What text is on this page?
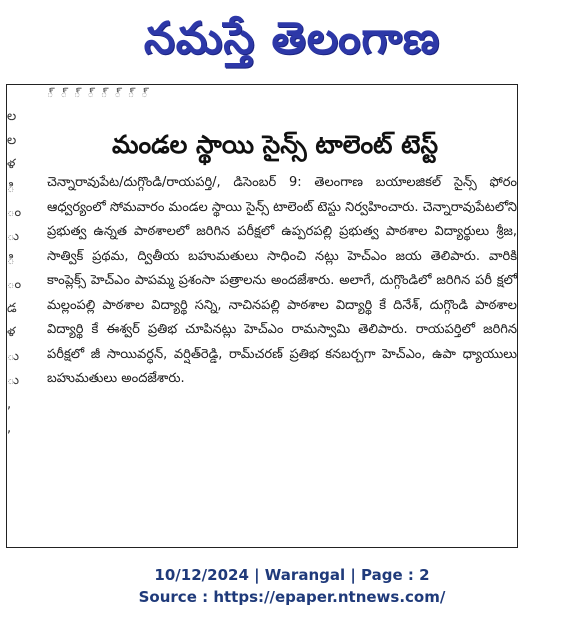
నమస్తే తెలంగాణ
్ ్ ్ ్ ్ ్ ్ ్
ల
ల
ళ
ి
ం
ు
ి
ం
డ
ళ
ు
ు
,
,
మండల స్థాయి సైన్స్ టాలెంట్ టెస్ట్
చెన్నారావుపేట/దుగ్గొండి/రాయపర్తి/, డిసెంబర్ 9: తెలంగాణ బయాలజికల్ సైన్స్ ఫోరం ఆధ్వర్యంలో సోమవారం మండల స్థాయి సైన్స్ టాలెంట్ టెస్టు నిర్వహించారు. చెన్నారావుపేటలోని ప్రభుత్వ ఉన్నత పాఠశాలలో జరిగిన పరీక్షలో ఉప్పరపల్లి ప్రభుత్వ పాఠశాల విద్యార్థులు శ్రీజ, సాత్విక్ ప్రథమ, ద్వితీయ బహుమతులు సాధించి నట్లు హెచ్ఎం జయ తెలిపారు. వారికి కాంప్లెక్స్ హెచ్ఎం పాపమ్మ ప్రశంసా పత్రాలను అందజేశారు. అలాగే, దుగ్గొండిలో జరిగిన పరీ క్షలో మల్లంపల్లి పాఠశాల విద్యార్థి సన్ని, నాచినపల్లి పాఠశాల విద్యార్థి కే దినేశ్, దుగ్గొండి పాఠశాల విద్యార్థి కే ఈశ్వర్ ప్రతిభ చూపినట్లు హెచ్ఎం రామస్వామి తెలిపారు. రాయపర్తిలో జరిగిన పరీక్షలో జీ సాయివర్ధన్, వర్షిత్‌రెడ్డి, రామ్‌చరణ్ ప్రతిభ కనబర్చగా హెచ్ఎం, ఉపా ధ్యాయులు బహుమతులు అందజేశారు.
10/12/2024 | Warangal | Page : 2
Source : https://epaper.ntnews.com/
